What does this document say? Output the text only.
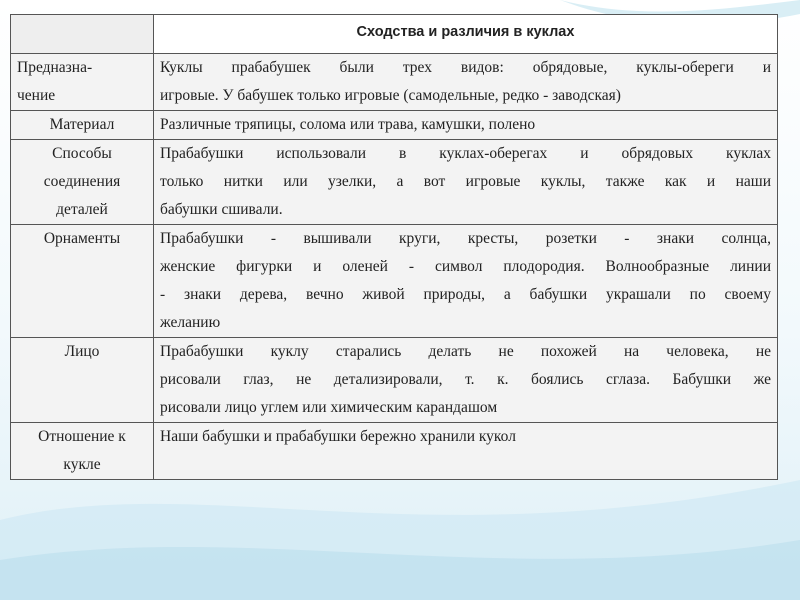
	Сходства и различия в куклах

Предназна-
чение	Куклы прабабушек были трех видов: обрядовые, куклы-обереги и
игровые. У бабушек только игровые (самодельные, редко - заводская)

Материал	Различные тряпицы, солома или трава, камушки, полено

Способы
соединения
деталей	Прабабушки использовали в куклах-оберегах и обрядовых куклах
только нитки или узелки, а вот игровые куклы, также как и наши
бабушки сшивали.

Орнаменты	Прабабушки - вышивали круги, кресты, розетки - знаки солнца,
женские фигурки и оленей - символ плодородия. Волнообразные линии
- знаки дерева, вечно живой природы, а бабушки украшали по своему
желанию

Лицо	Прабабушки куклу старались делать не похожей на человека, не
рисовали глаз, не детализировали, т. к. боялись сглаза. Бабушки же
рисовали лицо углем или химическим карандашом

Отношение к
кукле	Наши бабушки и прабабушки бережно хранили кукол
